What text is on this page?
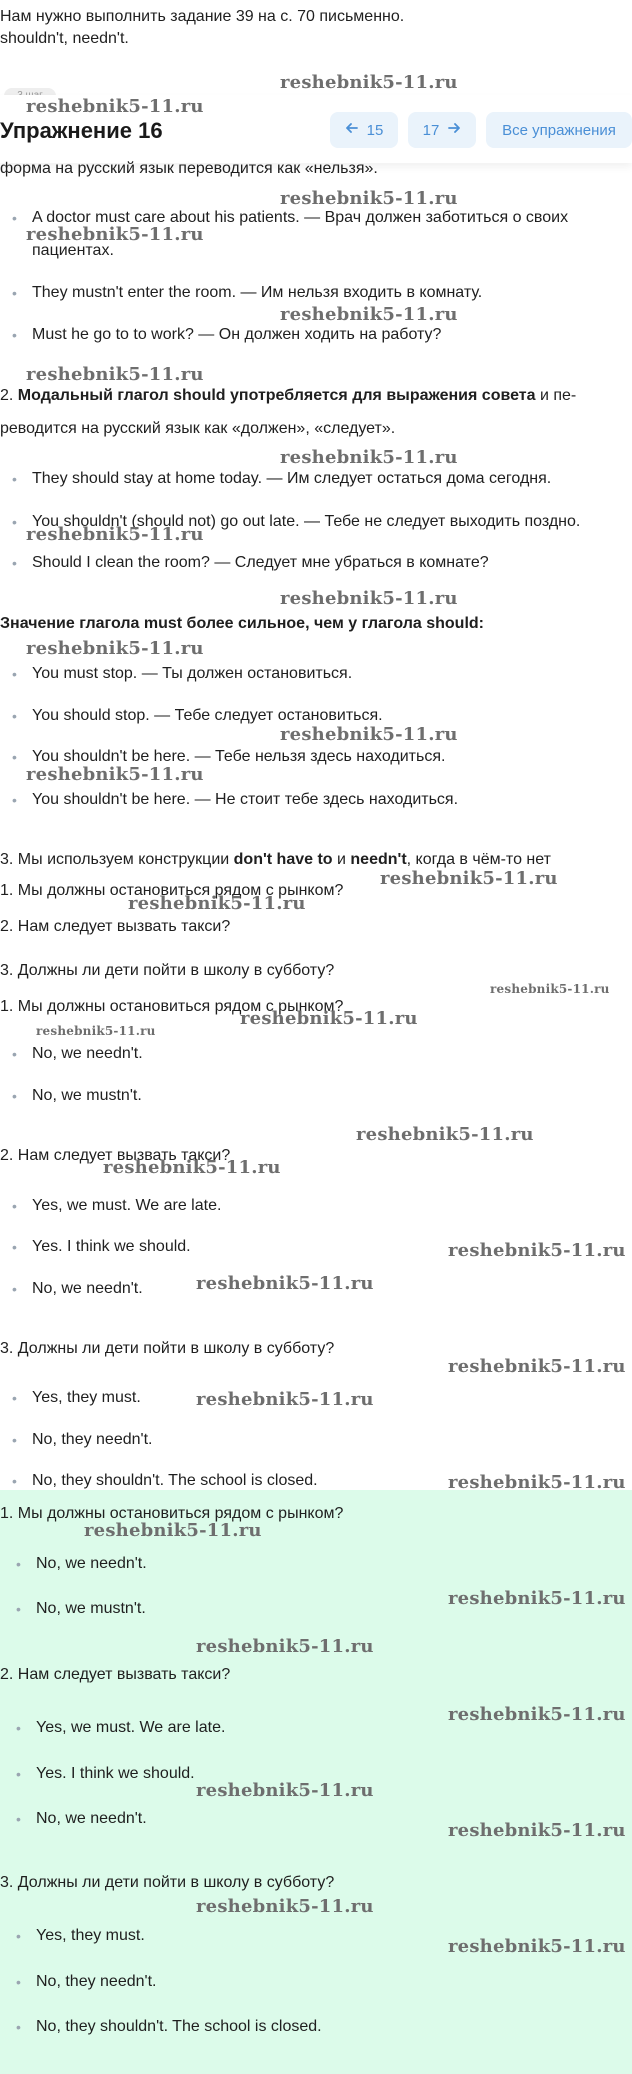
Нам нужно выполнить задание 39 на с. 70 письменно.
shouldn't, needn't.
Упражнение 16	15	17	Все упражнения
форма на русский язык переводится как «нельзя».
• A doctor must care about his patients. — Врач должен заботиться о своих
пациентах.
• They mustn't enter the room. — Им нельзя входить в комнату.
• Must he go to to work? — Он должен ходить на работу?
2. Модальный глагол should употребляется для выражения совета и пе-
реводится на русский язык как «должен», «следует».
• They should stay at home today. — Им следует остаться дома сегодня.
• You shouldn't (should not) go out late. — Тебе не следует выходить поздно.
• Should I clean the room? — Следует мне убраться в комнате?
Значение глагола must более сильное, чем у глагола should:
• You must stop. — Ты должен остановиться.
• You should stop. — Тебе следует остановиться.
• You shouldn't be here. — Тебе нельзя здесь находиться.
• You shouldn't be here. — Не стоит тебе здесь находиться.
3. Мы используем конструкции don't have to и needn't, когда в чём-то нет
1. Мы должны остановиться рядом с рынком?
2. Нам следует вызвать такси?
3. Должны ли дети пойти в школу в субботу?
1. Мы должны остановиться рядом с рынком?
• No, we needn't.
• No, we mustn't.
2. Нам следует вызвать такси?
• Yes, we must. We are late.
• Yes. I think we should.
• No, we needn't.
3. Должны ли дети пойти в школу в субботу?
• Yes, they must.
• No, they needn't.
• No, they shouldn't. The school is closed.
1. Мы должны остановиться рядом с рынком?
• No, we needn't.
• No, we mustn't.
2. Нам следует вызвать такси?
• Yes, we must. We are late.
• Yes. I think we should.
• No, we needn't.
3. Должны ли дети пойти в школу в субботу?
• Yes, they must.
• No, they needn't.
• No, they shouldn't. The school is closed.
reshebnik5-11.ru
reshebnik5-11.ru
reshebnik5-11.ru
reshebnik5-11.ru
reshebnik5-11.ru
reshebnik5-11.ru
reshebnik5-11.ru
reshebnik5-11.ru
reshebnik5-11.ru
reshebnik5-11.ru
reshebnik5-11.ru
reshebnik5-11.ru
reshebnik5-11.ru
reshebnik5-11.ru
reshebnik5-11.ru
reshebnik5-11.ru
reshebnik5-11.ru
reshebnik5-11.ru
reshebnik5-11.ru
reshebnik5-11.ru
reshebnik5-11.ru
reshebnik5-11.ru
reshebnik5-11.ru
reshebnik5-11.ru
reshebnik5-11.ru
reshebnik5-11.ru
reshebnik5-11.ru
reshebnik5-11.ru
reshebnik5-11.ru
reshebnik5-11.ru
reshebnik5-11.ru
reshebnik5-11.ru
